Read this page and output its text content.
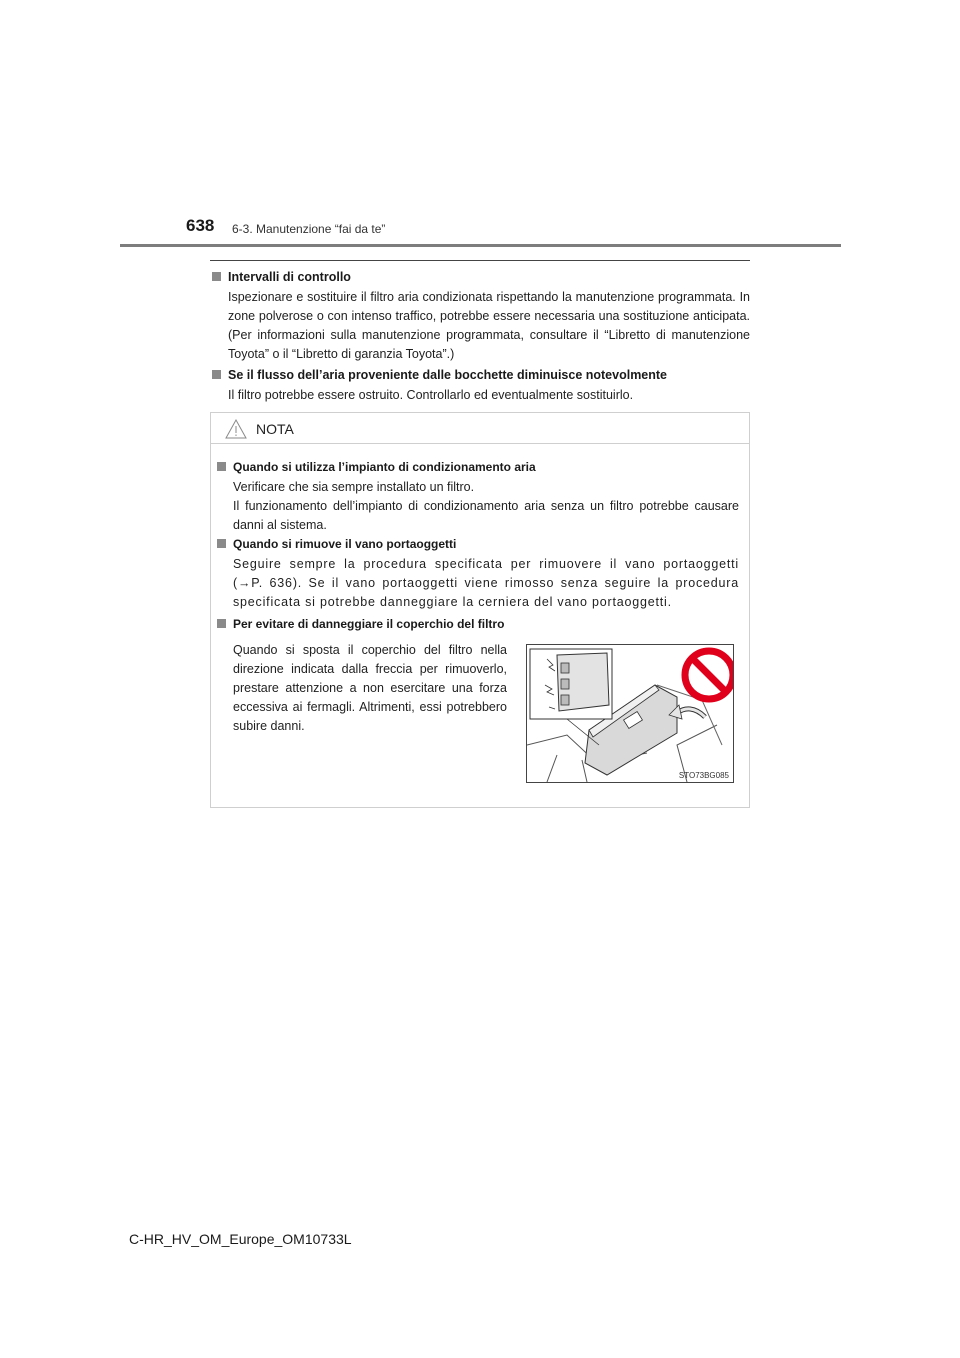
638 6-3. Manutenzione “fai da te”
Intervalli di controllo
Ispezionare e sostituire il filtro aria condizionata rispettando la manutenzione programmata. In zone polverose o con intenso traffico, potrebbe essere necessaria una sostituzione anticipata. (Per informazioni sulla manutenzione programmata, consultare il “Libretto di manutenzione Toyota” o il “Libretto di garanzia Toyota”.)
Se il flusso dell’aria proveniente dalle bocchette diminuisce notevolmente
Il filtro potrebbe essere ostruito. Controllarlo ed eventualmente sostituirlo.
NOTA
Quando si utilizza l’impianto di condizionamento aria
Verificare che sia sempre installato un filtro.
Il funzionamento dell’impianto di condizionamento aria senza un filtro potrebbe causare danni al sistema.
Quando si rimuove il vano portaoggetti
Seguire sempre la procedura specificata per rimuovere il vano portaoggetti (→P. 636). Se il vano portaoggetti viene rimosso senza seguire la procedura specificata si potrebbe danneggiare la cerniera del vano portaoggetti.
Per evitare di danneggiare il coperchio del filtro
Quando si sposta il coperchio del filtro nella direzione indicata dalla freccia per rimuoverlo, prestare attenzione a non esercitare una forza eccessiva ai fermagli. Altrimenti, essi potrebbero subire danni.
STO73BG085
C-HR_HV_OM_Europe_OM10733L
